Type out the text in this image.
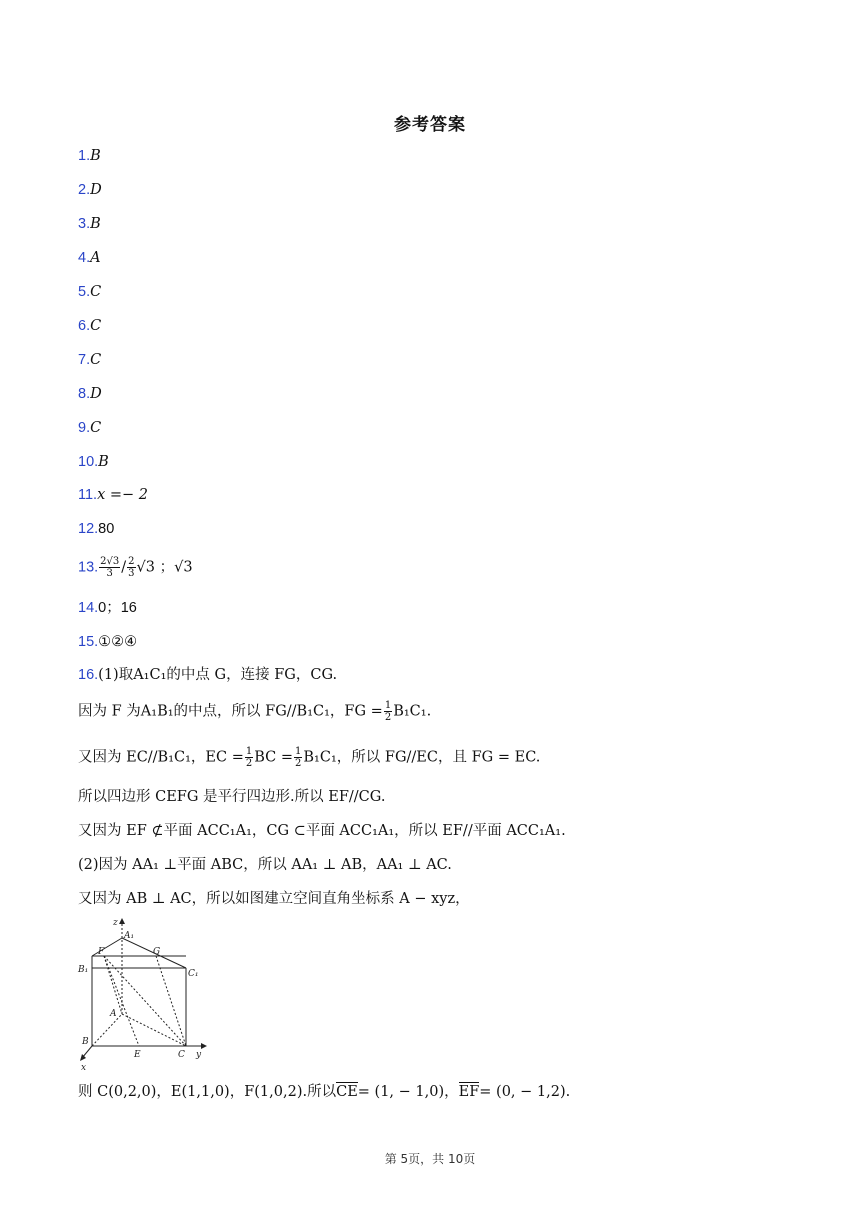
参考答案
1.B
2.D
3.B
4.A
5.C
6.C
7.C
8.D
9.C
10.B
11.x =− 2
12.80
13. $\frac{2√3}{3} / \frac{2}{3} √3$ ；√3
14.0；16
15.①②④
16.(1)取A₁C₁的中点 G，连接 FG，CG.
因为 F 为A₁B₁的中点，所以 FG//B₁C₁，FG = $\frac{1}{2} B_1C_1$.
又因为 EC//B₁C₁，EC = $\frac{1}{2}$ BC = $\frac{1}{2} B_1C_1$，所以 FG//EC，且 FG = EC.
所以四边形 CEFG 是平行四边形.所以 EF//CG.
又因为 EF ⊄平面 ACC₁A₁，CG ⊂平面 ACC₁A₁，所以 EF//平面 ACC₁A₁.
(2)因为 AA₁ ⊥平面 ABC，所以 AA₁ ⊥ AB，AA₁ ⊥ AC.
又因为 AB ⊥ AC，所以如图建立空间直角坐标系 A − xyz，
z
A₁
F	G
B₁	C₁
A
B
E	C
x
y
则 C(0,2,0)，E(1,1,0)，F(1,0,2).所以CE= (1, − 1,0)，EF= (0, − 1,2).
第 5页，共 10页
